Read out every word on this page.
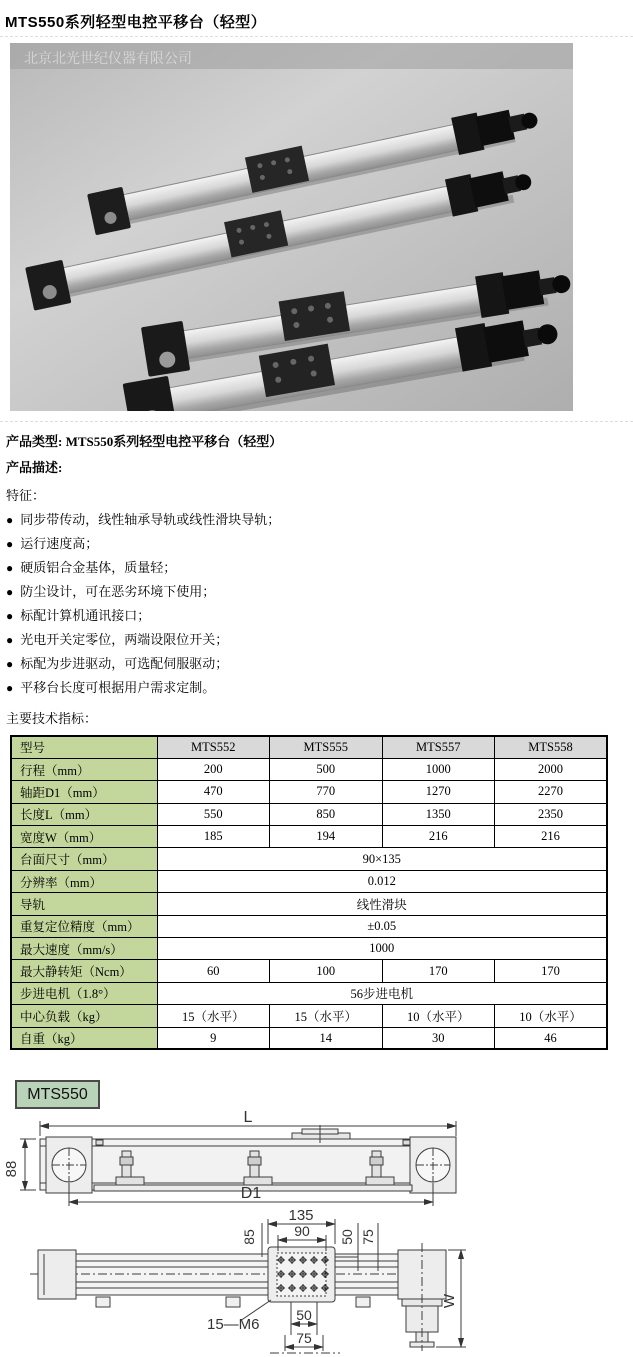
MTS550系列轻型电控平移台（轻型）
北京北光世纪仪器有限公司

产品类型: MTS550系列轻型电控平移台（轻型）

产品描述:

特征：

● 同步带传动，线性轴承导轨或线性滑块导轨；
● 运行速度高；
● 硬质铝合金基体，质量轻；
● 防尘设计，可在恶劣环境下使用；
● 标配计算机通讯接口；
● 光电开关定零位，两端设限位开关；
● 标配为步进驱动，可选配伺服驱动；
● 平移台长度可根据用户需求定制。

主要技术指标：

型号	MTS552	MTS555	MTS557	MTS558
行程（mm）	200	500	1000	2000
轴距D1（mm）	470	770	1270	2270
长度L（mm）	550	850	1350	2350
宽度W（mm）	185	194	216	216
台面尺寸（mm）	90×135			
分辨率（mm）	0.012			
导轨	线性滑块			
重复定位精度（mm）	±0.05			
最大速度（mm/s）	1000			
最大静转矩（Ncm）	60	100	170	170
步进电机（1.8°）	56步进电机			
中心负载（kg）	15（水平）	15（水平）	10（水平）	10（水平）
自重（kg）	9	14	30	46
MTS550
L
88
D1
135
90
85	50 75
50
75
15—M6
W
